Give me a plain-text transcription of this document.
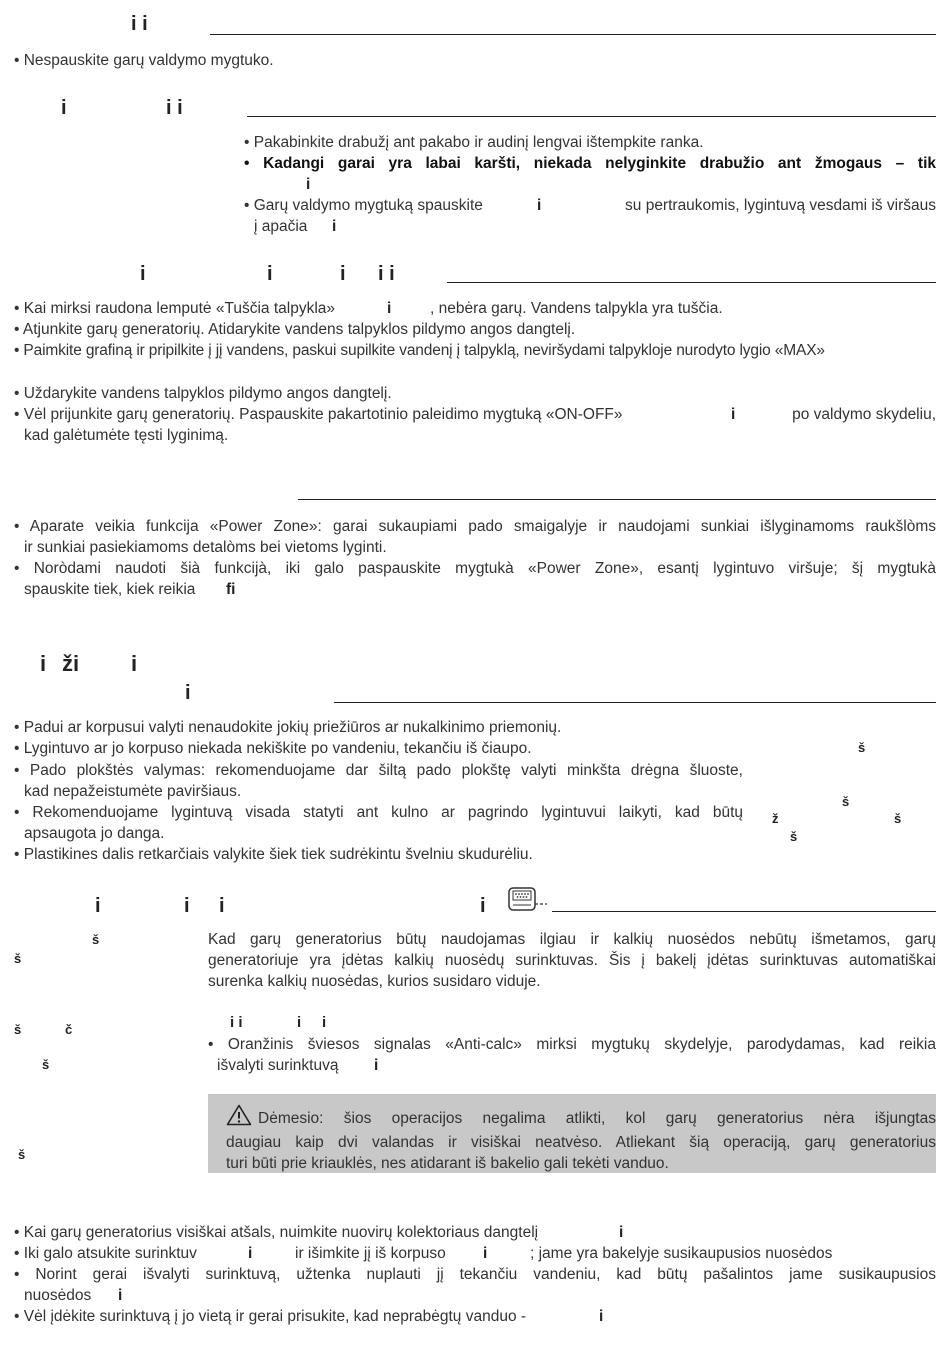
i i
• Nespauskite garų valdymo mygtuko.
i	i i
• Pakabinkite drabužį ant pakabo ir audinį lengvai ištempkite ranka.
• Kadangi garai yra labai karšti, niekada nelyginkite drabužio ant žmogaus – tik
i
• Garų valdymo mygtuką spauskite	i	su pertraukomis, lygintuvą vesdami iš viršaus
į apačia i
i	i	i i i
• Kai mirksi raudona lemputė «Tuščia talpykla»	i , nebėra garų. Vandens talpykla yra tuščia.
• Atjunkite garų generatorių. Atidarykite vandens talpyklos pildymo angos dangtelį.
• Paimkite grafiną ir pripilkite į jį vandens, paskui supilkite vandenį į talpyklą, neviršydami talpykloje nurodyto lygio «MAX»
• Uždarykite vandens talpyklos pildymo angos dangtelį.
• Vėl prijunkite garų generatorių. Paspauskite pakartotinio paleidimo mygtuką «ON-OFF»	i	po valdymo skydeliu,
kad galėtumėte tęsti lyginimą.
• Aparate veikia funkcija «Power Zone»: garai sukaupiami pado smaigalyje ir naudojami sunkiai išlyginamoms raukšlòms
ir sunkiai pasiekiamoms detalòms bei vietoms lyginti.
• Noròdami naudoti šià funkcijà, iki galo paspauskite mygtukà «Power Zone», esantį lygintuvo viršuje; šį mygtukà
spauskite tiek, kiek reikia fi
i ži i
i
• Padui ar korpusui valyti nenaudokite jokių priežiūros ar nukalkinimo priemonių.
• Lygintuvo ar jo korpuso niekada nekiškite po vandeniu, tekančiu iš čiaupo.
• Pado plokštės valymas: rekomenduojame dar šiltą pado plokštę valyti minkšta drėgna šluoste,
kad nepažeistumėte paviršiaus.
• Rekomenduojame lygintuvą visada statyti ant kulno ar pagrindo lygintuvui laikyti, kad būtų
apsaugota jo danga.
• Plastikines dalis retkarčiais valykite šiek tiek sudrėkintu švelniu skudurėliu.
š
š
ž	š
š
i	i i	i
Kad garų generatorius būtų naudojamas ilgiau ir kalkių nuosėdos nebūtų išmetamos, garų
generatoriuje yra įdėtas kalkių nuosėdų surinktuvas. Šis į bakelį įdėtas surinktuvas automatiškai
surenka kalkių nuosėdas, kurios susidaro viduje.
i i	i i
• Oranžinis šviesos signalas «Anti-calc» mirksi mygtukų skydelyje, parodydamas, kad reikia
išvalyti surinktuvą i
Dėmesio: šios operacijos negalima atlikti, kol garų generatorius nėra išjungtas
daugiau kaip dvi valandas ir visiškai neatvėso. Atliekant šią operaciją, garų generatorius
turi būti prie kriauklės, nes atidarant iš bakelio gali tekėti vanduo.
š
š
š	č
š
š
• Kai garų generatorius visiškai atšals, nuimkite nuovirų kolektoriaus dangtelį	i
• Iki galo atsukite surinktuv	i	ir išimkite jį iš korpuso i	; jame yra bakelyje susikaupusios nuosėdos
• Norint gerai išvalyti surinktuvą, užtenka nuplauti jį tekančiu vandeniu, kad būtų pašalintos jame susikaupusios
nuosėdos i
• Vėl įdėkite surinktuvą į jo vietą ir gerai prisukite, kad neprabėgtų vanduo -	i
